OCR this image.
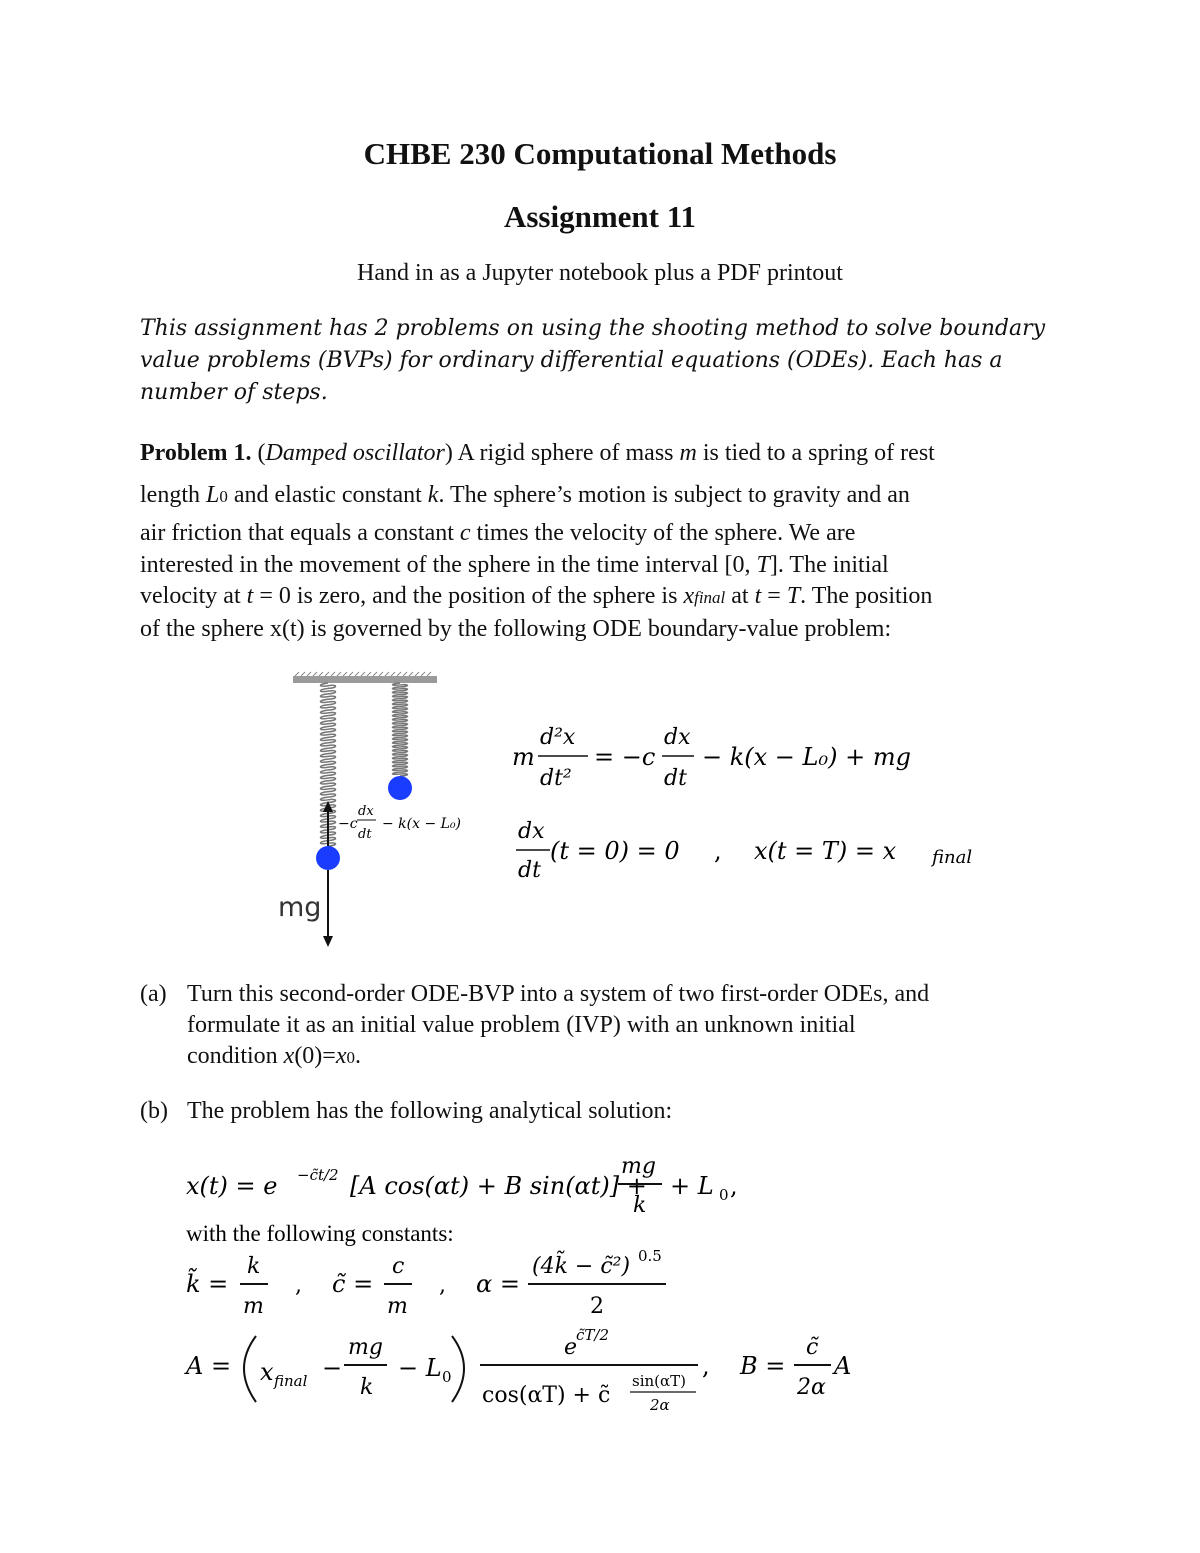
CHBE 230 Computational Methods
Assignment 11
Hand in as a Jupyter notebook plus a PDF printout
This assignment has 2 problems on using the shooting method to solve boundary
value problems (BVPs) for ordinary differential equations (ODEs). Each has a
number of steps.
Problem 1. (Damped oscillator) A rigid sphere of mass m is tied to a spring of rest
length L0 and elastic constant k. The sphere’s motion is subject to gravity and an
air friction that equals a constant c times the velocity of the sphere. We are
interested in the movement of the sphere in the time interval [0, T]. The initial
velocity at t = 0 is zero, and the position of the sphere is xfinal at t = T. The position
of the sphere x(t) is governed by the following ODE boundary-value problem:
mg
−c
dx
dt
− k(x − L₀)
m
d²x
dt²
= −c
dx
dt
− k(x − L₀) + mg
dx
dt
(t = 0) = 0 , x(t = T) = x final
(a) Turn this second-order ODE-BVP into a system of two first-order ODEs, and
formulate it as an initial value problem (IVP) with an unknown initial
condition x(0)=x0.
(b) The problem has the following analytical solution:
x(t) = e −c̃t/2 [A cos(αt) + B sin(αt)] +
mg
k
+ L 0 ,
with the following constants:
k̃ =
k
m
, c̃ =
c
m
, α =
(4k̃ − c̃²) 0.5
2
A = x final −
mg
k
− L 0
e
c̃T/2
cos(αT) + c̃
sin(αT)
2α
, B =
c̃
2α
A
